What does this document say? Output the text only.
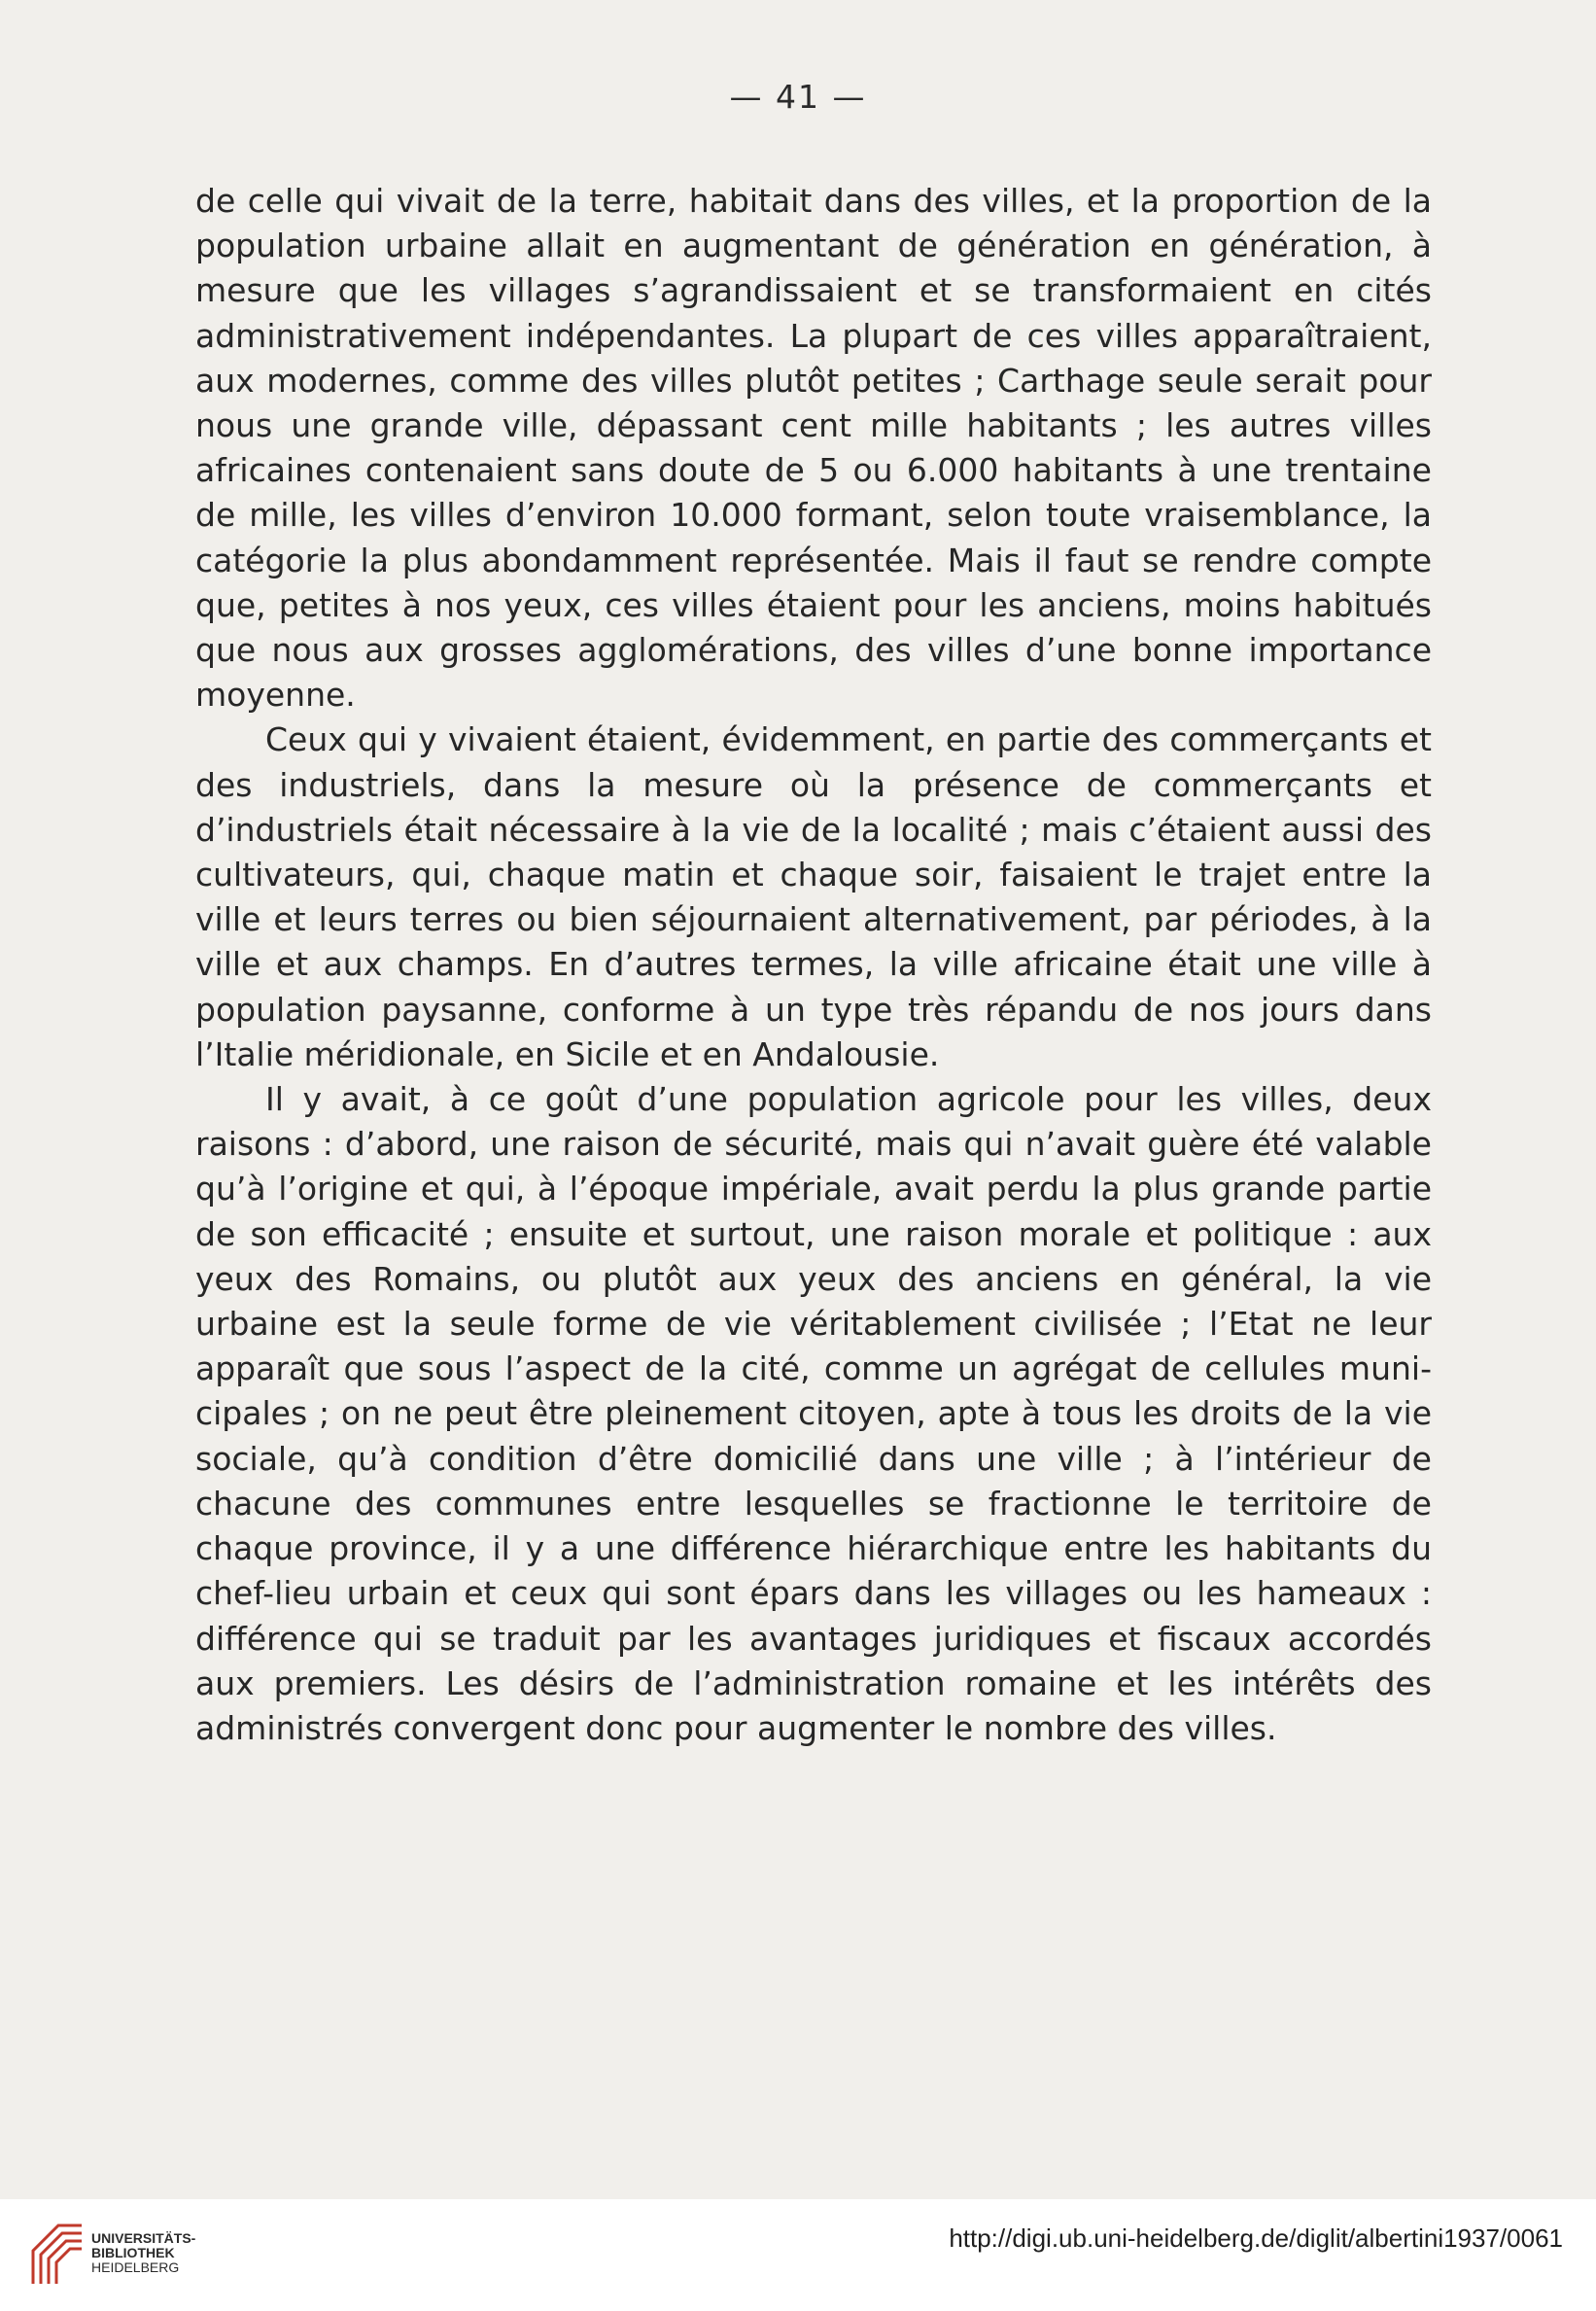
— 41 —

de celle qui vivait de la terre, habitait dans des villes, et la proportion de la population urbaine allait en augmentant de génération en génération, à mesure que les villages s’agrandissaient et se transformaient en cités administrativement indépendantes. La plupart de ces villes apparaîtraient, aux modernes, comme des villes plutôt petites ; Carthage seule serait pour nous une grande ville, dépassant cent mille habitants ; les autres villes africaines contenaient sans doute de 5 ou 6.000 habitants à une trentaine de mille, les villes d’environ 10.000 formant, selon toute vraisemblance, la catégorie la plus abondamment représentée. Mais il faut se rendre compte que, petites à nos yeux, ces villes étaient pour les anciens, moins habitués que nous aux grosses agglomérations, des villes d’une bonne importance moyenne.

Ceux qui y vivaient étaient, évidemment, en partie des commerçants et des industriels, dans la mesure où la présence de commerçants et d’industriels était nécessaire à la vie de la localité ; mais c’étaient aussi des cultivateurs, qui, chaque matin et chaque soir, faisaient le trajet entre la ville et leurs terres ou bien séjournaient alternativement, par périodes, à la ville et aux champs. En d’autres termes, la ville africaine était une ville à population paysanne, conforme à un type très répandu de nos jours dans l’Italie méridionale, en Sicile et en Andalousie.

Il y avait, à ce goût d’une population agricole pour les villes, deux raisons : d’abord, une raison de sécurité, mais qui n’avait guère été valable qu’à l’origine et qui, à l’époque impériale, avait perdu la plus grande partie de son efficacité ; ensuite et surtout, une raison morale et politique : aux yeux des Romains, ou plutôt aux yeux des anciens en général, la vie urbaine est la seule forme de vie véritablement civilisée ; l’Etat ne leur apparaît que sous l’aspect de la cité, comme un agrégat de cellules municipales ; on ne peut être pleinement citoyen, apte à tous les droits de la vie sociale, qu’à condition d’être domicilié dans une ville ; à l’intérieur de chacune des communes entre lesquelles se fractionne le territoire de chaque province, il y a une différence hiérarchique entre les habitants du chef-lieu urbain et ceux qui sont épars dans les villages ou les hameaux : différence qui se traduit par les avantages juridiques et fiscaux accordés aux premiers. Les désirs de l’administration romaine et les intérêts des administrés convergent donc pour augmenter le nombre des villes.

UNIVERSITÄTS-
BIBLIOTHEK
HEIDELBERG
http://digi.ub.uni-heidelberg.de/diglit/albertini1937/0061
